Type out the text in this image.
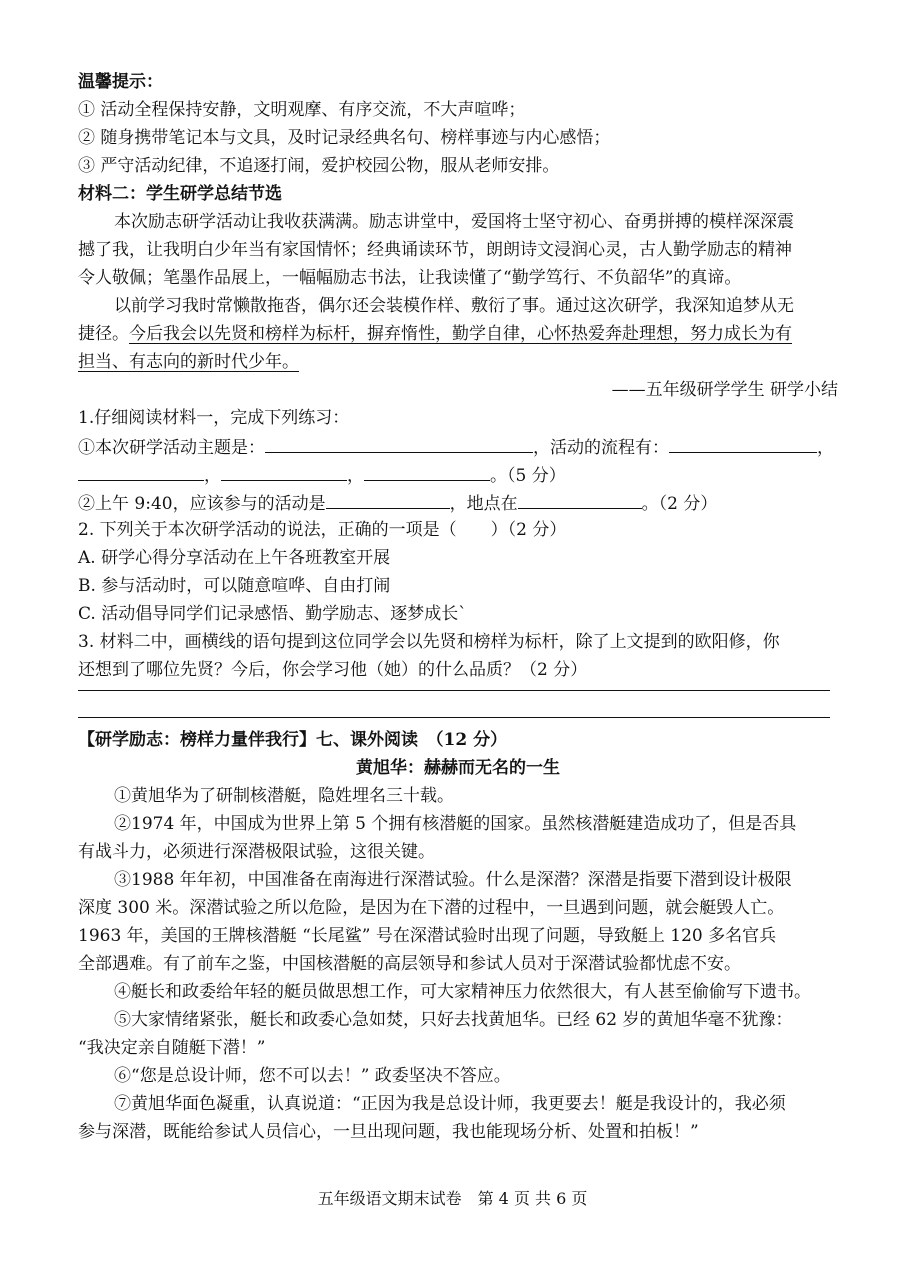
温馨提示：
① 活动全程保持安静，文明观摩、有序交流，不大声喧哗；
② 随身携带笔记本与文具，及时记录经典名句、榜样事迹与内心感悟；
③ 严守活动纪律，不追逐打闹，爱护校园公物，服从老师安排。
材料二：学生研学总结节选
本次励志研学活动让我收获满满。励志讲堂中，爱国将士坚守初心、奋勇拼搏的模样深深震
撼了我，让我明白少年当有家国情怀；经典诵读环节，朗朗诗文浸润心灵，古人勤学励志的精神
令人敬佩；笔墨作品展上，一幅幅励志书法，让我读懂了“勤学笃行、不负韶华”的真谛。
以前学习我时常懒散拖沓，偶尔还会装模作样、敷衍了事。通过这次研学，我深知追梦从无
捷径。今后我会以先贤和榜样为标杆，摒弃惰性，勤学自律，心怀热爱奔赴理想，努力成长为有
担当、有志向的新时代少年。
——五年级研学学生 研学小结
1.仔细阅读材料一，完成下列练习：
①本次研学活动主题是：	，活动的流程有：	，
，	，	。（5 分）
②上午 9:40，应该参与的活动是	，地点在	。（2 分）
2. 下列关于本次研学活动的说法，正确的一项是（　　）（2 分）
A. 研学心得分享活动在上午各班教室开展
B. 参与活动时，可以随意喧哗、自由打闹
C. 活动倡导同学们记录感悟、勤学励志、逐梦成长`
3. 材料二中，画横线的语句提到这位同学会以先贤和榜样为标杆，除了上文提到的欧阳修，你
还想到了哪位先贤？今后，你会学习他（她）的什么品质？（2 分）
【研学励志：榜样力量伴我行】七、课外阅读　（12 分）
黄旭华：赫赫而无名的一生
①黄旭华为了研制核潜艇，隐姓埋名三十载。
②1974 年，中国成为世界上第 5 个拥有核潜艇的国家。虽然核潜艇建造成功了，但是否具
有战斗力，必须进行深潜极限试验，这很关键。
③1988 年年初，中国准备在南海进行深潜试验。什么是深潜？深潜是指要下潜到设计极限
深度 300 米。深潜试验之所以危险，是因为在下潜的过程中，一旦遇到问题，就会艇毁人亡。
1963 年，美国的王牌核潜艇 “长尾鲨” 号在深潜试验时出现了问题，导致艇上 120 多名官兵
全部遇难。有了前车之鉴，中国核潜艇的高层领导和参试人员对于深潜试验都忧虑不安。
④艇长和政委给年轻的艇员做思想工作，可大家精神压力依然很大，有人甚至偷偷写下遗书。
⑤大家情绪紧张，艇长和政委心急如焚，只好去找黄旭华。已经 62 岁的黄旭华毫不犹豫：
“我决定亲自随艇下潜！”
⑥“您是总设计师，您不可以去！” 政委坚决不答应。
⑦黄旭华面色凝重，认真说道：“正因为我是总设计师，我更要去！艇是我设计的，我必须
参与深潜，既能给参试人员信心，一旦出现问题，我也能现场分析、处置和拍板！”
五年级语文期末试卷　第 4 页 共 6 页
